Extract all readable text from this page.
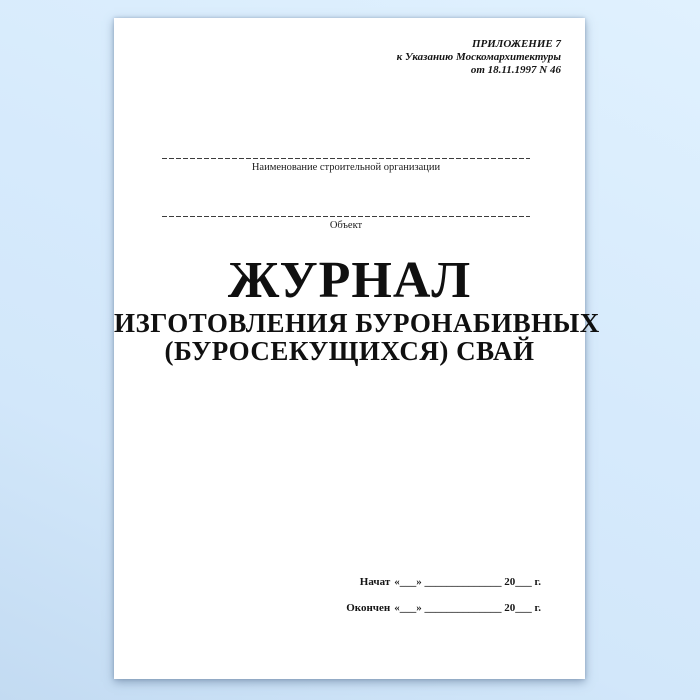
ПРИЛОЖЕНИЕ 7
к Указанию Москомархитектуры
от 18.11.1997 N 46
Наименование строительной организации
Объект
ЖУРНАЛ
ИЗГОТОВЛЕНИЯ БУРОНАБИВНЫХ
(БУРОСЕКУЩИХСЯ) СВАЙ
Начат «___» ______________ 20___ г.
Окончен «___» ______________ 20___ г.
